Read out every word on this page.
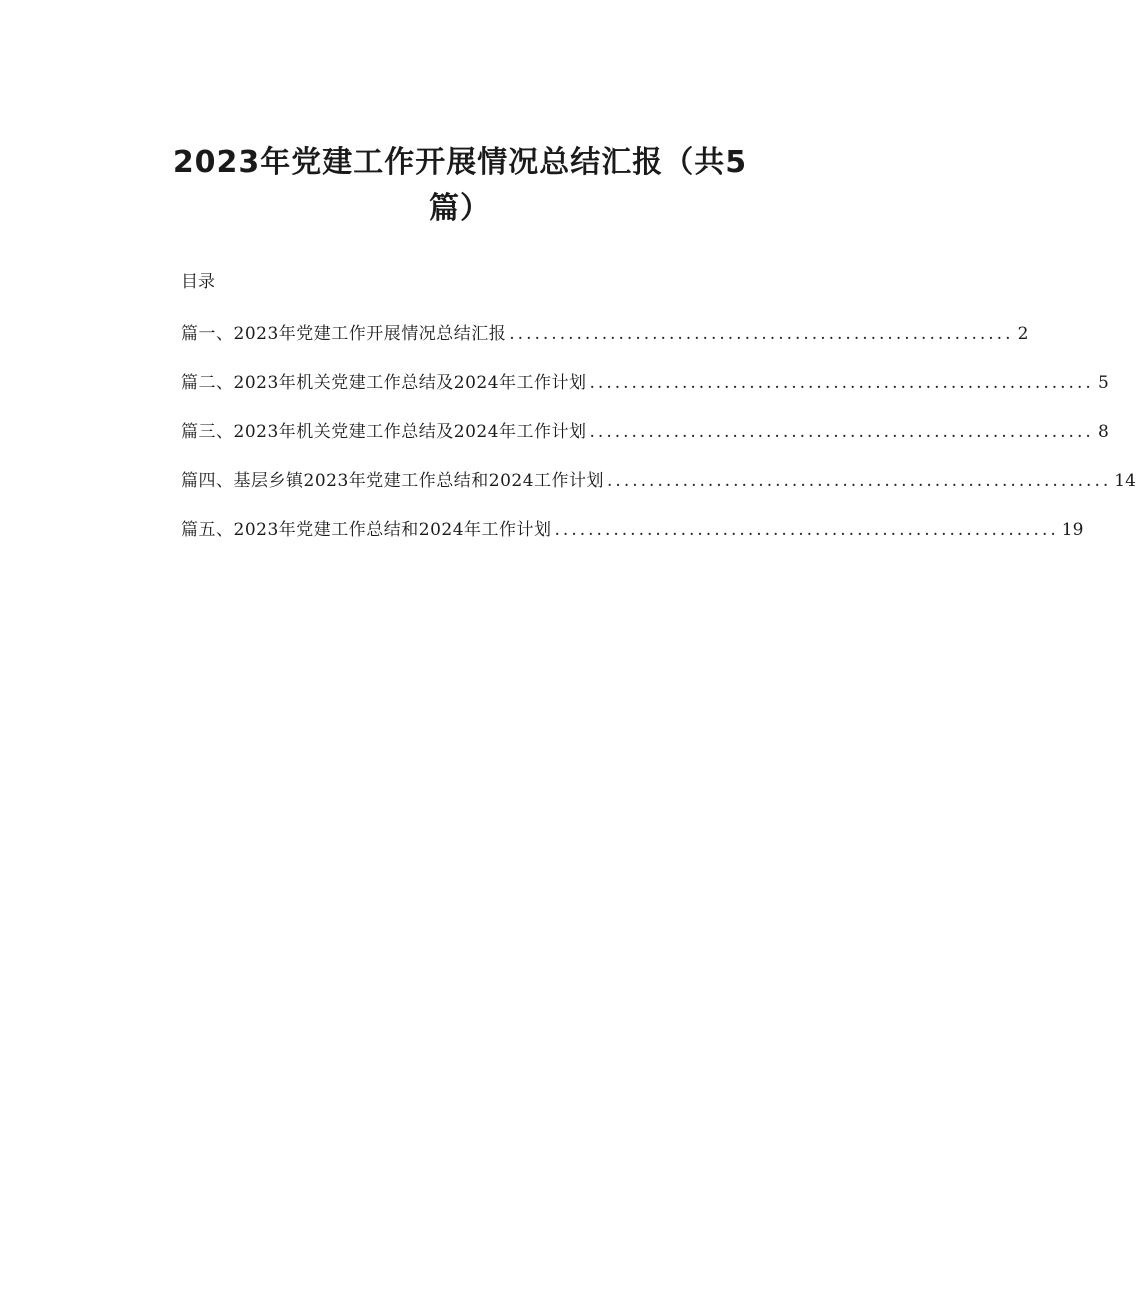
2023年党建工作开展情况总结汇报（共5篇）
目录
篇一、2023年党建工作开展情况总结汇报 ............................................................ 2
篇二、2023年机关党建工作总结及2024年工作计划 ............................................................ 5
篇三、2023年机关党建工作总结及2024年工作计划 ............................................................ 8
篇四、基层乡镇2023年党建工作总结和2024工作计划 ............................................................ 14
篇五、2023年党建工作总结和2024年工作计划 ............................................................ 19
